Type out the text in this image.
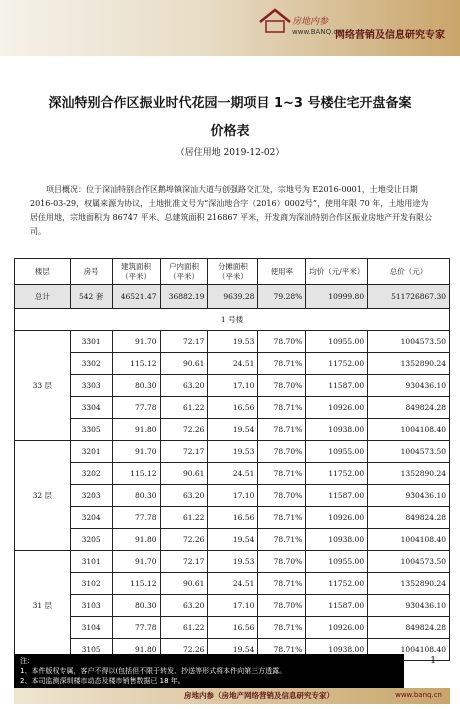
房地内参
www.BANQ.cn
网络营销及信息研究专家
深汕特别合作区振业时代花园一期项目 1~3 号楼住宅开盘备案
价格表
（居住用地 2019-12-02）
项目概况：位于深汕特别合作区鹅埠镇深汕大道与创强路交汇处，宗地号为 E2016-0001，土地受让日期 2016-03-29，权属来源为协议，土地批准文号为“深汕地合字（2016）0002号”，使用年限 70 年，土地用途为居住用地，宗地面积为 86747 平米、总建筑面积 216867 平米，开发商为深汕特别合作区振业房地产开发有限公司。
楼层	房号	建筑面积（平米）	户内面积（平米）	分摊面积（平米）	使用率	均价（元/平米）	总价（元）
总计	542 套	46521.47	36882.19	9639.28	79.28%	10999.80	511726867.30
1 号楼							
33 层	3301	91.70	72.17	19.53	78.70%	10955.00	1004573.50
	3302	115.12	90.61	24.51	78.71%	11752.00	1352890.24
	3303	80.30	63.20	17.10	78.70%	11587.00	930436.10
	3304	77.78	61.22	16.56	78.71%	10926.00	849824.28
	3305	91.80	72.26	19.54	78.71%	10938.00	1004108.40
32 层	3201	91.70	72.17	19.53	78.70%	10955.00	1004573.50
	3202	115.12	90.61	24.51	78.71%	11752.00	1352890.24
	3203	80.30	63.20	17.10	78.70%	11587.00	930436.10
	3204	77.78	61.22	16.56	78.71%	10926.00	849824.28
	3205	91.80	72.26	19.54	78.71%	10938.00	1004108.40
31 层	3101	91.70	72.17	19.53	78.70%	10955.00	1004573.50
	3102	115.12	90.61	24.51	78.71%	11752.00	1352890.24
	3103	80.30	63.20	17.10	78.70%	11587.00	930436.10
	3104	77.78	61.22	16.56	78.71%	10926.00	849824.28
	3105	91.80	72.26	19.54	78.71%	10938.00	1004108.40
注：
1、本件版权专属，客户不得以(包括但不限于转发、抄送等形式将本件向第三方透露。
2、本司监测深圳楼市动态及楼市销售数据已 18 年。
1
房地内参（房地产网络营销及信息研究专家）	www.banq.cn
